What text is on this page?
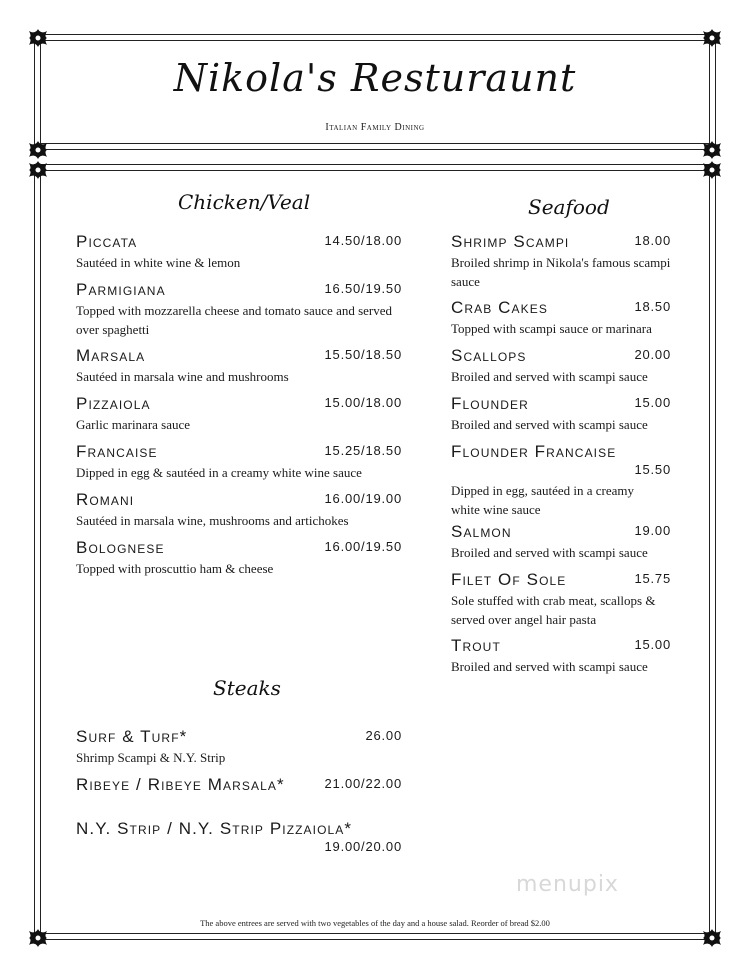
Nikola's Resturaunt
Italian Family Dining
Chicken/Veal
Piccata	14.50/18.00
Sautéed in white wine & lemon
Parmigiana	16.50/19.50
Topped with mozzarella cheese and tomato sauce and served over spaghetti
Marsala	15.50/18.50
Sautéed in marsala wine and mushrooms
Pizzaiola	15.00/18.00
Garlic marinara sauce
Francaise	15.25/18.50
Dipped in egg & sautéed in a creamy white wine sauce
Romani	16.00/19.00
Sautéed in marsala wine, mushrooms and artichokes
Bolognese	16.00/19.50
Topped with proscuttio ham & cheese
Steaks
Surf & Turf*	26.00
Shrimp Scampi & N.Y. Strip
Ribeye / Ribeye Marsala*	21.00/22.00
N.Y. Strip / N.Y. Strip Pizzaiola*
19.00/20.00
Seafood
Shrimp Scampi	18.00
Broiled shrimp in Nikola's famous scampi sauce
Crab Cakes	18.50
Topped with scampi sauce or marinara
Scallops	20.00
Broiled and served with scampi sauce
Flounder	15.00
Broiled and served with scampi sauce
Flounder Francaise
15.50
Dipped in egg, sautéed in a creamy white wine sauce
Salmon	19.00
Broiled and served with scampi sauce
Filet Of Sole	15.75
Sole stuffed with crab meat, scallops & served over angel hair pasta
Trout	15.00
Broiled and served with scampi sauce
menupix
The above entrees are served with two vegetables of the day and a house salad. Reorder of bread $2.00
